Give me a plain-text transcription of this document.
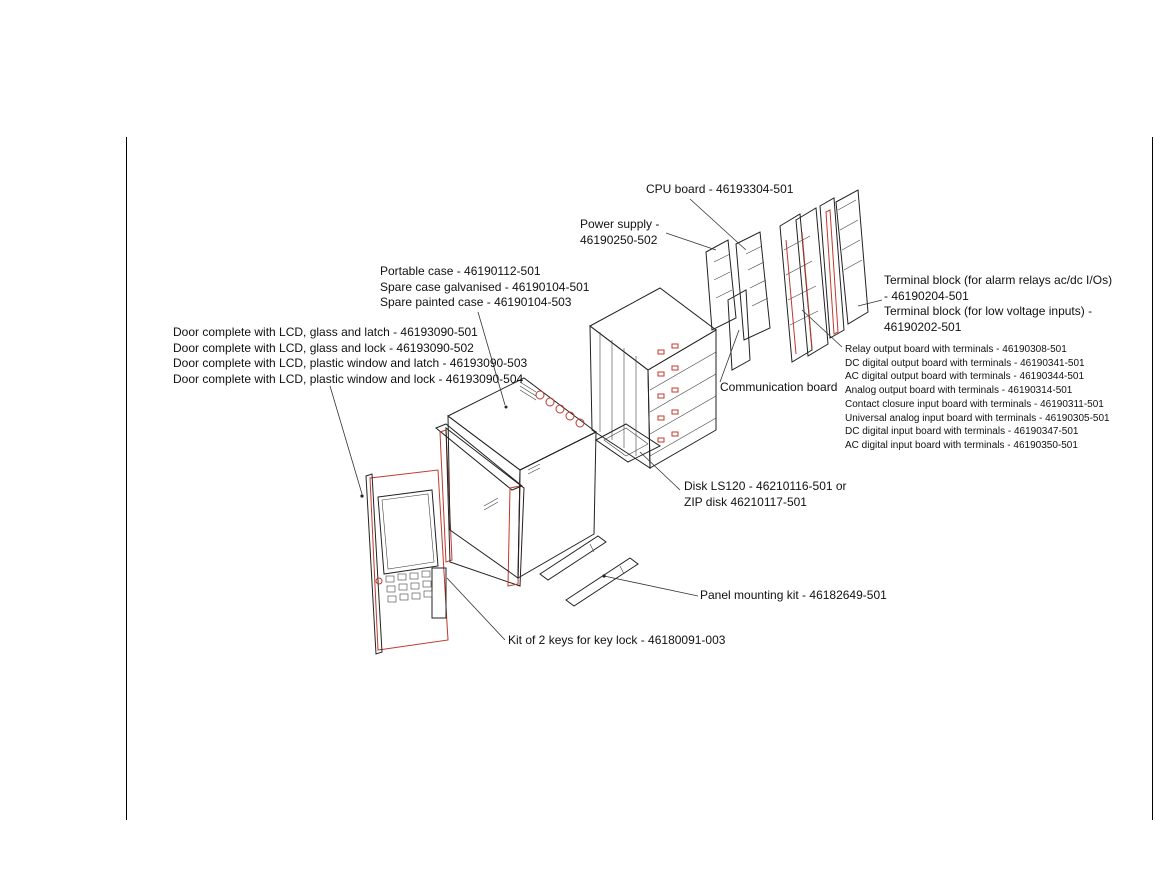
CPU board - 46193304-501
Power supply -
46190250-502
Portable case - 46190112-501
Spare case galvanised - 46190104-501
Spare painted case - 46190104-503
Door complete with LCD, glass and latch - 46193090-501
Door complete with LCD, glass and lock - 46193090-502
Door complete with LCD, plastic window and latch - 46193090-503
Door complete with LCD, plastic window and lock - 46193090-504
Terminal block (for alarm relays ac/dc I/Os)
- 46190204-501
Terminal block (for low voltage inputs) -
46190202-501
Relay output board with terminals - 46190308-501
DC digital output board with terminals - 46190341-501
AC digital output board with terminals - 46190344-501
Analog output board with terminals - 46190314-501
Contact closure input board with terminals - 46190311-501
Universal analog input board with terminals - 46190305-501
DC digital input board with terminals - 46190347-501
AC digital input board with terminals - 46190350-501
Communication board
Disk LS120 - 46210116-501 or
ZIP disk 46210117-501
Panel mounting kit - 46182649-501
Kit of 2 keys for key lock - 46180091-003
